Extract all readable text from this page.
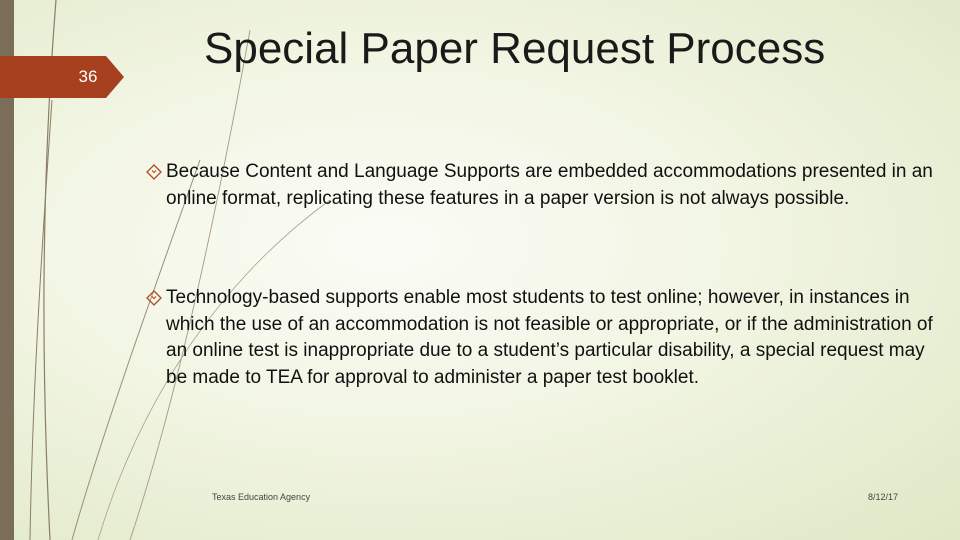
36
Special Paper Request Process
Because Content and Language Supports are embedded accommodations presented in an online format, replicating these features in a paper version is not always possible.
Technology-based supports enable most students to test online; however, in instances in which the use of an accommodation is not feasible or appropriate, or if the administration of an online test is inappropriate due to a student’s particular disability, a special request may be made to TEA for approval to administer a paper test booklet.
Texas Education Agency	8/12/17
